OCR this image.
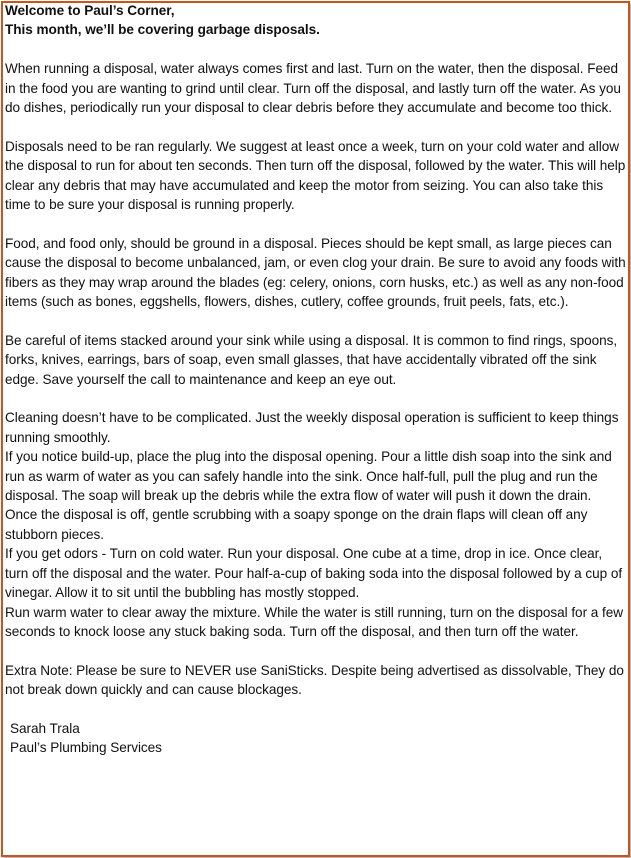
Welcome to Paul’s Corner,

This month, we’ll be covering garbage disposals.

When running a disposal, water always comes first and last. Turn on the water, then the disposal. Feed in the food you are wanting to grind until clear. Turn off the disposal, and lastly turn off the water. As you do dishes, periodically run your disposal to clear debris before they accumulate and become too thick.

Disposals need to be ran regularly. We suggest at least once a week, turn on your cold water and allow the disposal to run for about ten seconds. Then turn off the disposal, followed by the water. This will help clear any debris that may have accumulated and keep the motor from seizing. You can also take this time to be sure your disposal is running properly.

Food, and food only, should be ground in a disposal. Pieces should be kept small, as large pieces can cause the disposal to become unbalanced, jam, or even clog your drain. Be sure to avoid any foods with fibers as they may wrap around the blades (eg: celery, onions, corn husks, etc.) as well as any non-food items (such as bones, eggshells, flowers, dishes, cutlery, coffee grounds, fruit peels, fats, etc.).

Be careful of items stacked around your sink while using a disposal. It is common to find rings, spoons, forks, knives, earrings, bars of soap, even small glasses, that have accidentally vibrated off the sink edge. Save yourself the call to maintenance and keep an eye out.

Cleaning doesn’t have to be complicated. Just the weekly disposal operation is sufficient to keep things running smoothly.

If you notice build-up, place the plug into the disposal opening. Pour a little dish soap into the sink and run as warm of water as you can safely handle into the sink. Once half-full, pull the plug and run the disposal. The soap will break up the debris while the extra flow of water will push it down the drain.

Once the disposal is off, gentle scrubbing with a soapy sponge on the drain flaps will clean off any stubborn pieces.

If you get odors - Turn on cold water. Run your disposal. One cube at a time, drop in ice. Once clear, turn off the disposal and the water. Pour half-a-cup of baking soda into the disposal followed by a cup of vinegar. Allow it to sit until the bubbling has mostly stopped.

Run warm water to clear away the mixture. While the water is still running, turn on the disposal for a few seconds to knock loose any stuck baking soda. Turn off the disposal, and then turn off the water.

Extra Note: Please be sure to NEVER use SaniSticks. Despite being advertised as dissolvable, They do not break down quickly and can cause blockages.

Sarah Trala

Paul’s Plumbing Services
